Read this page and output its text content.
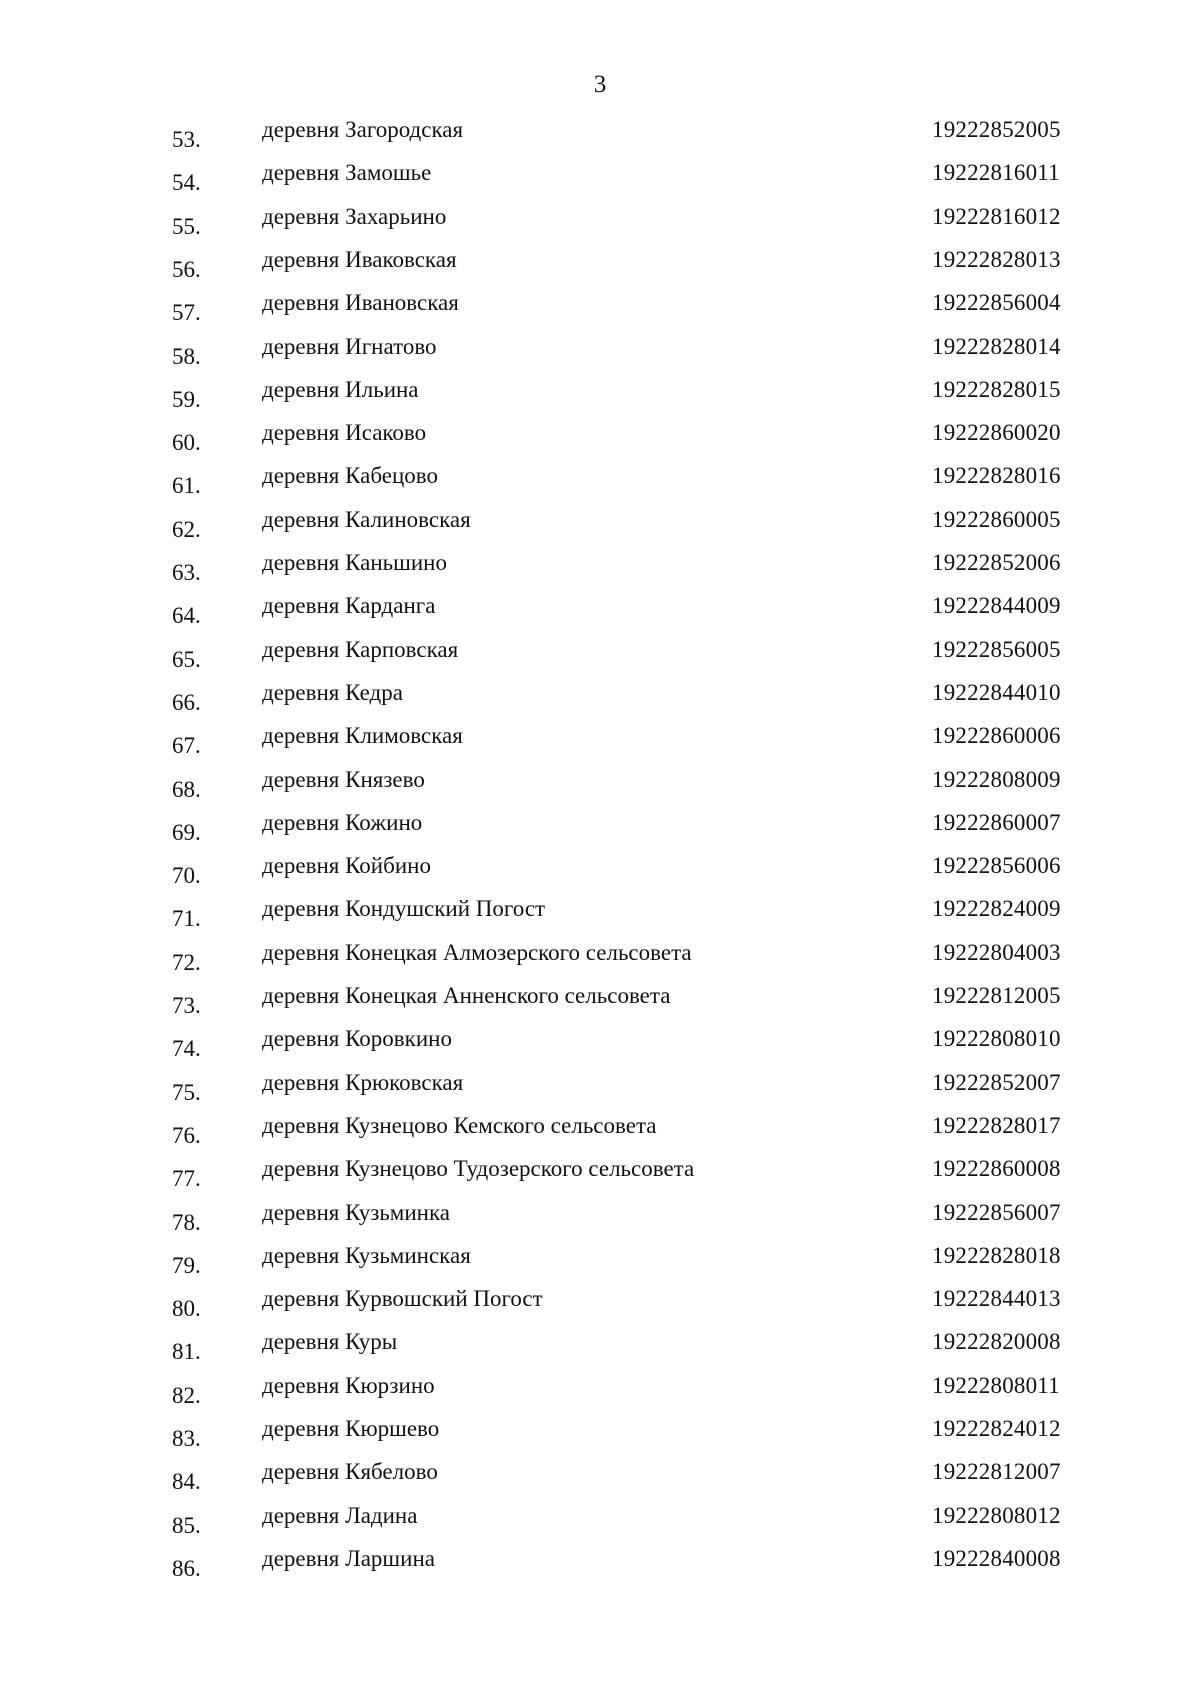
3
53.	деревня Загородская	19222852005
54.	деревня Замошье	19222816011
55.	деревня Захарьино	19222816012
56.	деревня Иваковская	19222828013
57.	деревня Ивановская	19222856004
58.	деревня Игнатово	19222828014
59.	деревня Ильина	19222828015
60.	деревня Исаково	19222860020
61.	деревня Кабецово	19222828016
62.	деревня Калиновская	19222860005
63.	деревня Каньшино	19222852006
64.	деревня Карданга	19222844009
65.	деревня Карповская	19222856005
66.	деревня Кедра	19222844010
67.	деревня Климовская	19222860006
68.	деревня Князево	19222808009
69.	деревня Кожино	19222860007
70.	деревня Койбино	19222856006
71.	деревня Кондушский Погост	19222824009
72.	деревня Конецкая Алмозерского сельсовета	19222804003
73.	деревня Конецкая Анненского сельсовета	19222812005
74.	деревня Коровкино	19222808010
75.	деревня Крюковская	19222852007
76.	деревня Кузнецово Кемского сельсовета	19222828017
77.	деревня Кузнецово Тудозерского сельсовета	19222860008
78.	деревня Кузьминка	19222856007
79.	деревня Кузьминская	19222828018
80.	деревня Курвошский Погост	19222844013
81.	деревня Куры	19222820008
82.	деревня Кюрзино	19222808011
83.	деревня Кюршево	19222824012
84.	деревня Кябелово	19222812007
85.	деревня Ладина	19222808012
86.	деревня Ларшина	19222840008
